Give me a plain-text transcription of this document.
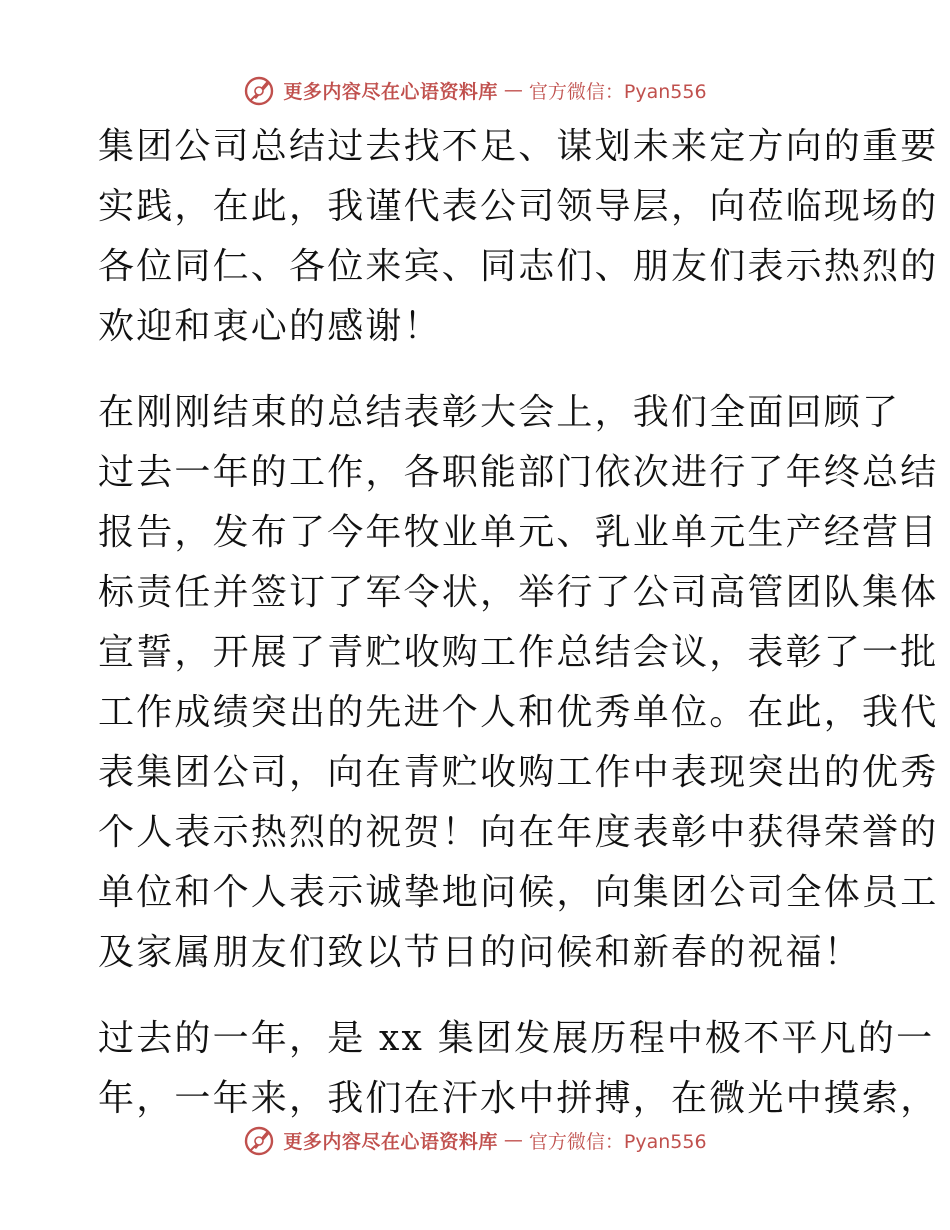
更多内容尽在心语资料库 — 官方微信：Pyan556
集团公司总结过去找不足、谋划未来定方向的重要
实践，在此，我谨代表公司领导层，向莅临现场的
各位同仁、各位来宾、同志们、朋友们表示热烈的
欢迎和衷心的感谢！
在刚刚结束的总结表彰大会上，我们全面回顾了
过去一年的工作，各职能部门依次进行了年终总结
报告，发布了今年牧业单元、乳业单元生产经营目
标责任并签订了军令状，举行了公司高管团队集体
宣誓，开展了青贮收购工作总结会议，表彰了一批
工作成绩突出的先进个人和优秀单位。在此，我代
表集团公司，向在青贮收购工作中表现突出的优秀
个人表示热烈的祝贺！向在年度表彰中获得荣誉的
单位和个人表示诚挚地问候，向集团公司全体员工
及家属朋友们致以节日的问候和新春的祝福！
过去的一年，是 xx 集团发展历程中极不平凡的一
年，一年来，我们在汗水中拼搏，在微光中摸索，
更多内容尽在心语资料库 — 官方微信：Pyan556
